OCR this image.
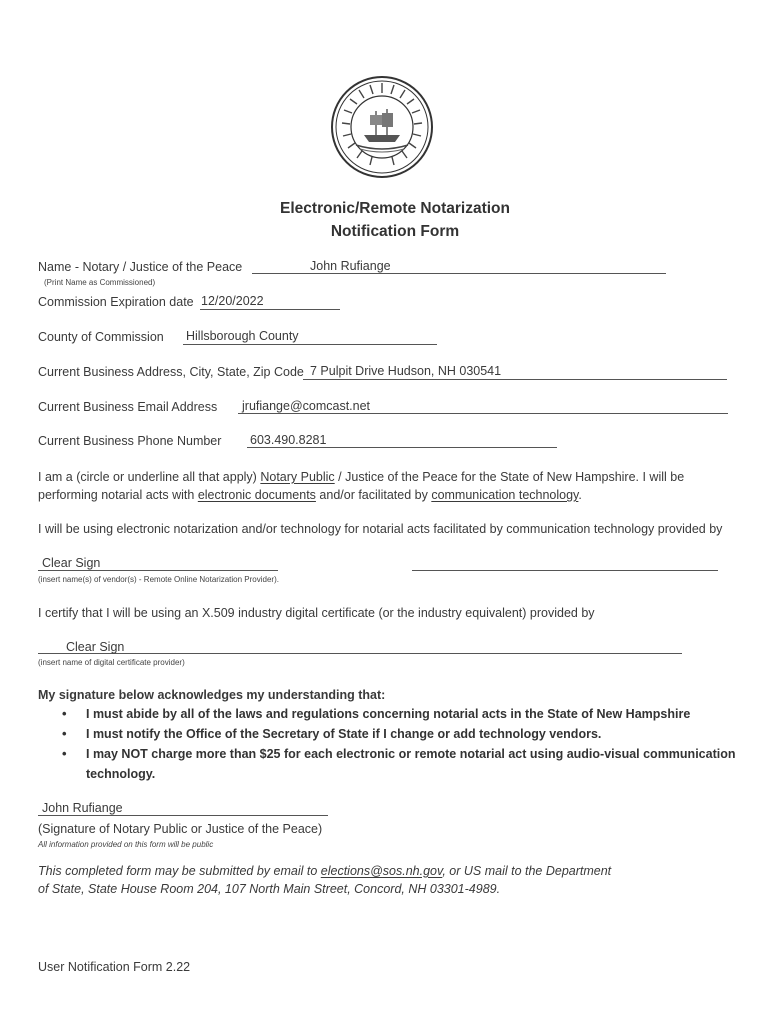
Electronic/Remote Notarization
Notification Form
Name - Notary / Justice of the Peace	John Rufiange
(Print Name as Commissioned)
Commission Expiration date 12/20/2022
County of Commission Hillsborough County
Current Business Address, City, State, Zip Code 7 Pulpit Drive Hudson, NH 030541
Current Business Email Address jrufiange@comcast.net
Current Business Phone Number 603.490.8281
I am a (circle or underline all that apply) Notary Public / Justice of the Peace for the State of New Hampshire. I will be
performing notarial acts with electronic documents and/or facilitated by communication technology.
I will be using electronic notarization and/or technology for notarial acts facilitated by communication technology provided by
Clear Sign
(insert name(s) of vendor(s) - Remote Online Notarization Provider).
I certify that I will be using an X.509 industry digital certificate (or the industry equivalent) provided by
Clear Sign
(insert name of digital certificate provider)
My signature below acknowledges my understanding that:
• I must abide by all of the laws and regulations concerning notarial acts in the State of New Hampshire
• I must notify the Office of the Secretary of State if I change or add technology vendors.
• I may NOT charge more than $25 for each electronic or remote notarial act using audio-visual communication technology.
John Rufiange
(Signature of Notary Public or Justice of the Peace)
All information provided on this form will be public
This completed form may be submitted by email to elections@sos.nh.gov, or US mail to the Department
of State, State House Room 204, 107 North Main Street, Concord, NH 03301-4989.
User Notification Form 2.22
